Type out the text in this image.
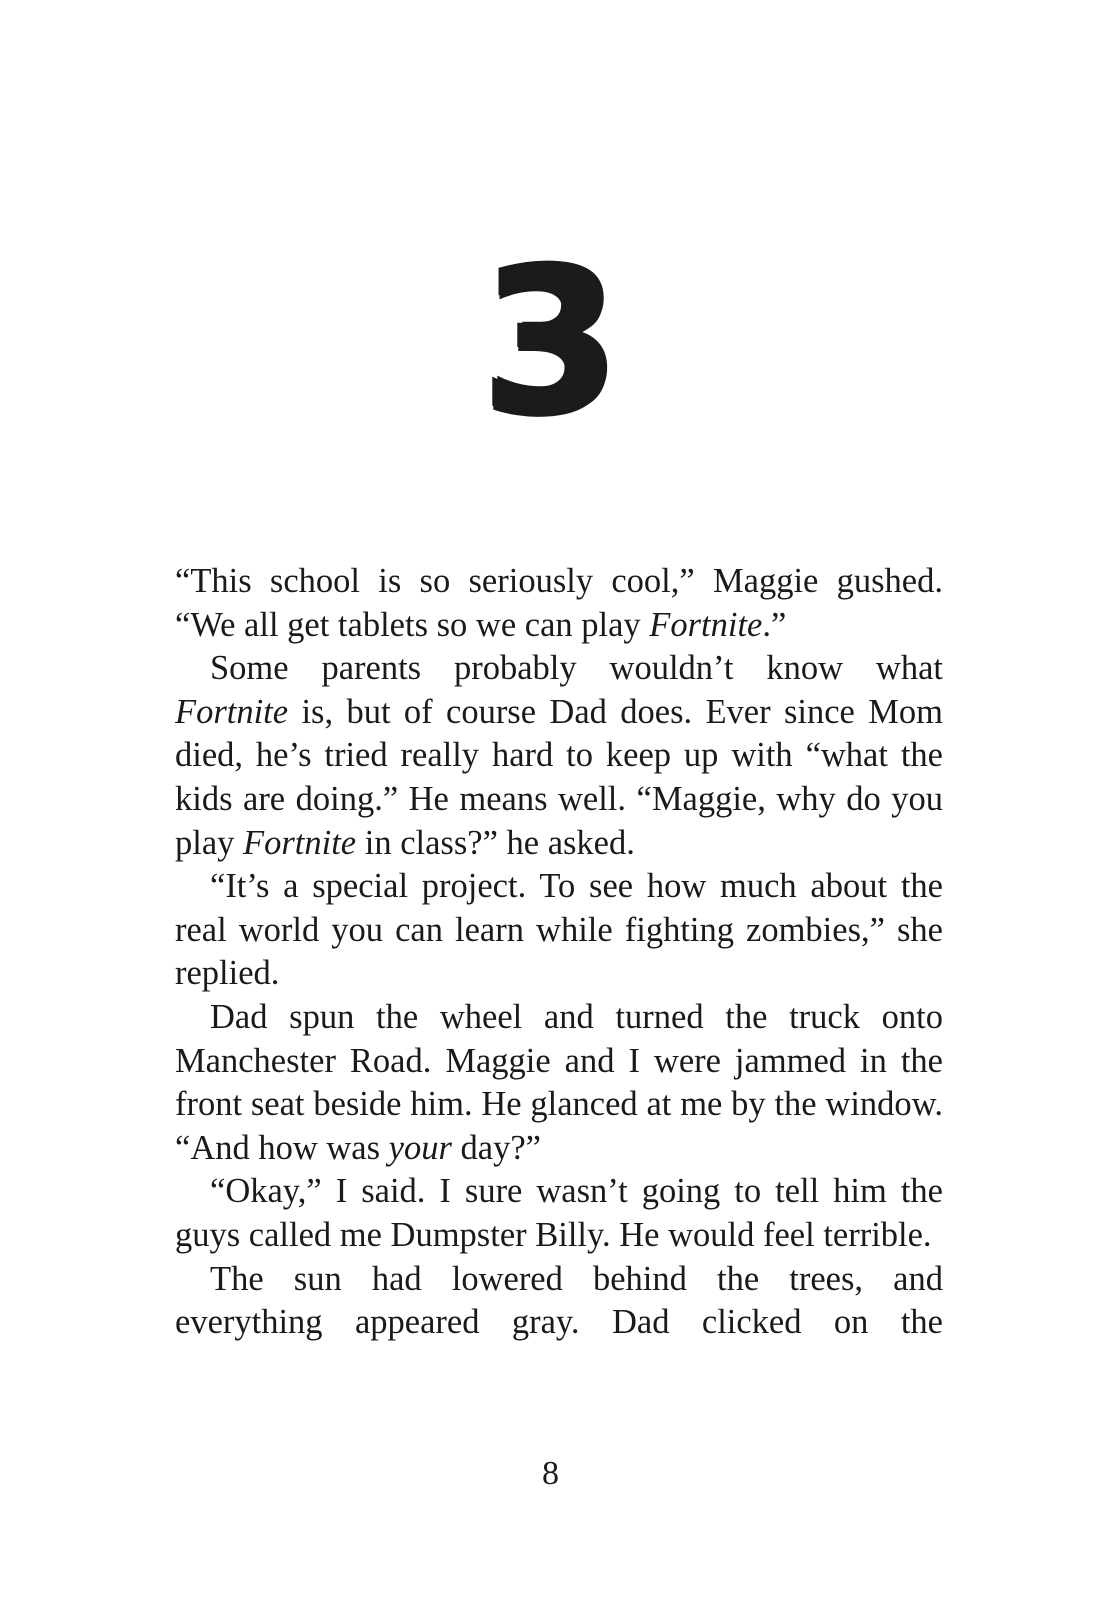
3

“This school is so seriously cool,” Maggie gushed. “We all get tablets so we can play Fortnite.”

Some parents probably wouldn’t know what Fortnite is, but of course Dad does. Ever since Mom died, he’s tried really hard to keep up with “what the kids are doing.” He means well. “Maggie, why do you play Fortnite in class?” he asked.

“It’s a special project. To see how much about the real world you can learn while fighting zombies,” she replied.

Dad spun the wheel and turned the truck onto Manchester Road. Maggie and I were jammed in the front seat beside him. He glanced at me by the window. “And how was your day?”

“Okay,” I said. I sure wasn’t going to tell him the guys called me Dumpster Billy. He would feel terrible.

The sun had lowered behind the trees, and everything appeared gray. Dad clicked on the

8
